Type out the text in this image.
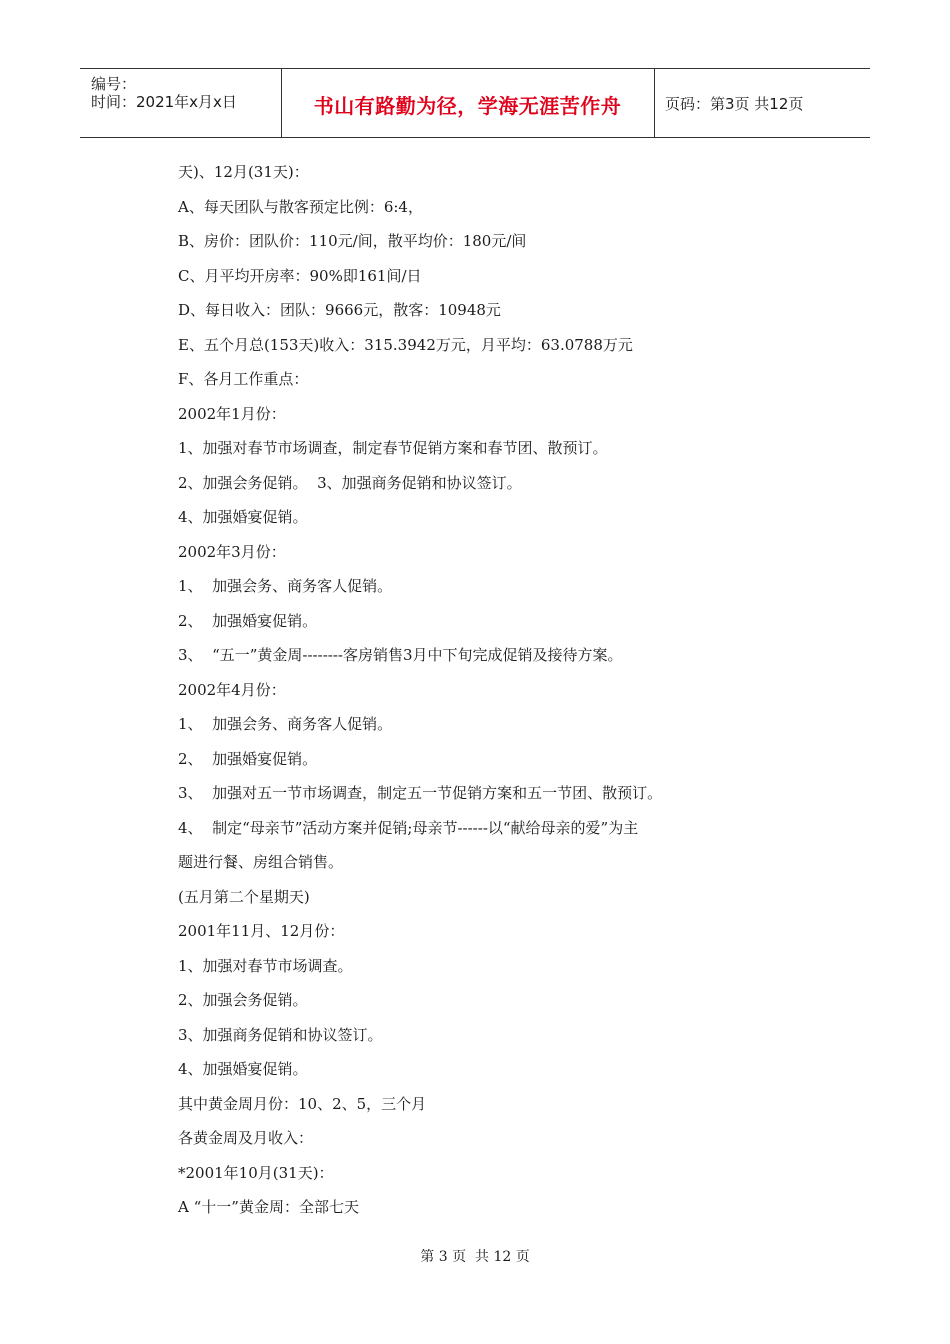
编号：
时间：2021年x月x日	书山有路勤为径，学海无涯苦作舟	页码：第3页 共12页
天)、12月(31天)：
A、每天团队与散客预定比例：6:4，
B、房价：团队价：110元/间，散平均价：180元/间
C、月平均开房率：90%即161间/日
D、每日收入：团队：9666元，散客：10948元
E、五个月总(153天)收入：315.3942万元，月平均：63.0788万元
F、各月工作重点：
2002年1月份：
1、加强对春节市场调查，制定春节促销方案和春节团、散预订。
2、加强会务促销。  3、加强商务促销和协议签订。
4、加强婚宴促销。
2002年3月份：
1、  加强会务、商务客人促销。
2、  加强婚宴促销。
3、  “五一”黄金周--------客房销售3月中下旬完成促销及接待方案。
2002年4月份：
1、  加强会务、商务客人促销。
2、  加强婚宴促销。
3、  加强对五一节市场调查，制定五一节促销方案和五一节团、散预订。
4、  制定“母亲节”活动方案并促销;母亲节------以“献给母亲的爱”为主
题进行餐、房组合销售。
(五月第二个星期天)
2001年11月、12月份：
1、加强对春节市场调查。
2、加强会务促销。
3、加强商务促销和协议签订。
4、加强婚宴促销。
其中黄金周月份：10、2、5，三个月
各黄金周及月收入：
*2001年10月(31天)：
A “十一”黄金周：全部七天
第 3 页  共 12 页
